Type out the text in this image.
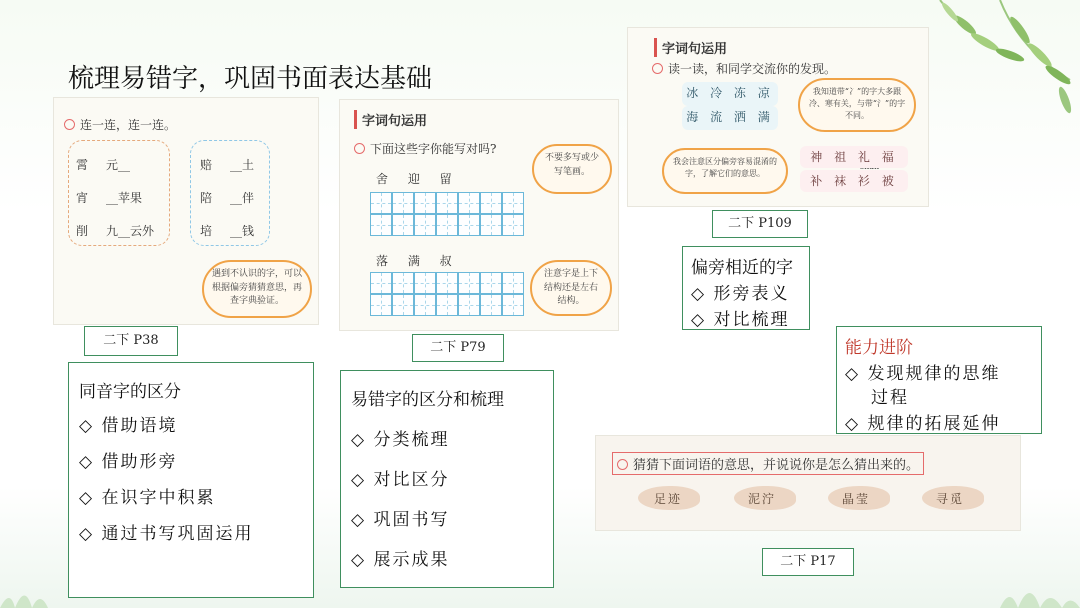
梳理易错字，巩固书面表达基础
连一连，连一连。
霄 元__
宵 __苹果
削 九__云外
赔 __土
陪 __伴
培 __钱
遇到不认识的字，可以根据偏旁猜猜意思，再查字典验证。
字词句运用
下面这些字你能写对吗?
舍 迎 留
不要多写或少写笔画。
落 满 叔
注意字是上下结构还是左右结构。
字词句运用
读一读，和同学交流你的发现。
冰 冷 冻 凉
海 流 洒 满
我知道带“冫”的字大多跟冷、寒有关，与带“氵”的字不同。
我会注意区分偏旁容易混淆的字，了解它们的意思。
神 祖 礼 福
补 袜 衫 被
猜猜下面词语的意思，并说说你是怎么猜出来的。
足迹	泥泞	晶莹	寻觅
二下 P38	二下 P79
二下 P109
二下 P17
同音字的区分
◇ 借助语境
◇ 借助形旁
◇ 在识字中积累
◇ 通过书写巩固运用
易错字的区分和梳理
◇ 分类梳理
◇ 对比区分
◇ 巩固书写
◇ 展示成果
偏旁相近的字
◇ 形旁表义
◇ 对比梳理
能力进阶
◇ 发现规律的思维
过程
◇ 规律的拓展延伸
